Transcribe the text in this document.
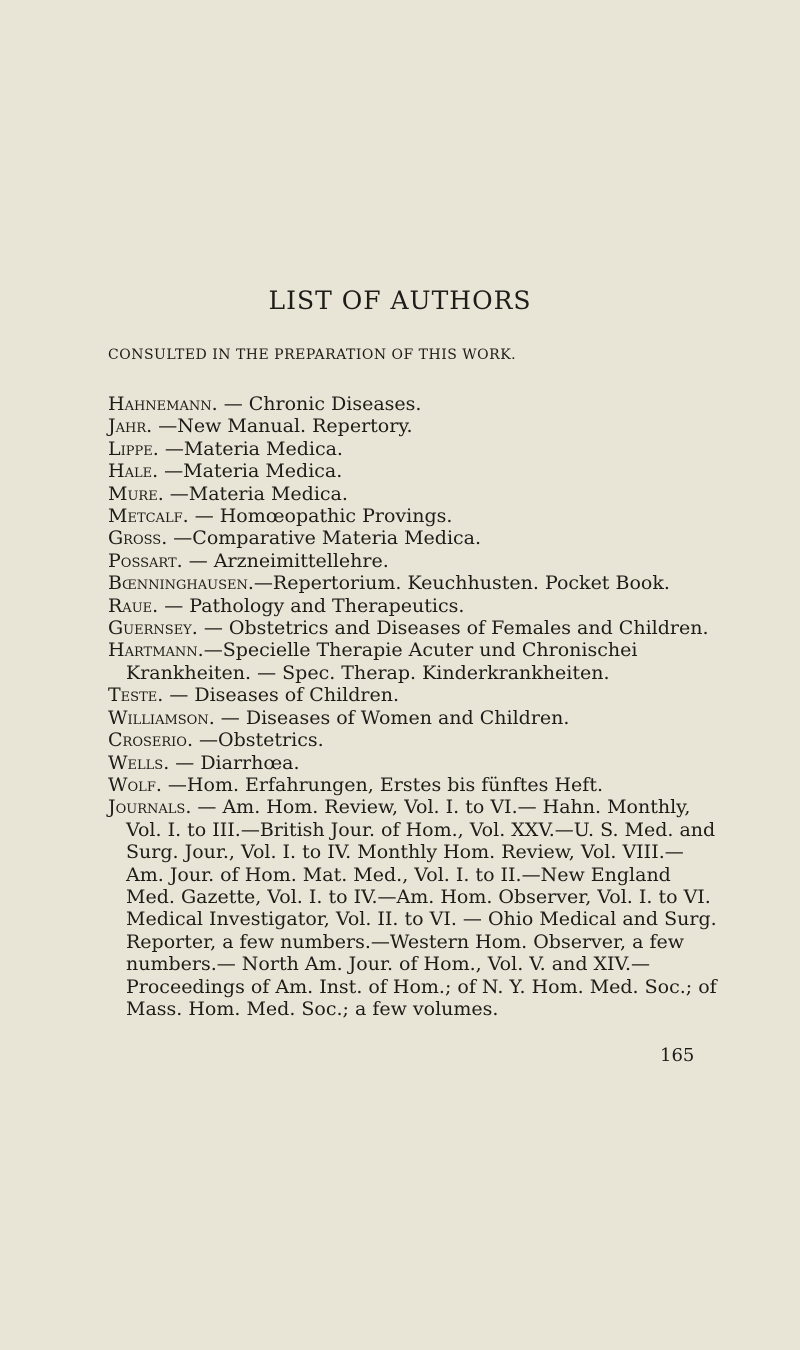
LIST OF AUTHORS
CONSULTED IN THE PREPARATION OF THIS WORK.

Hahnemann. — Chronic Diseases.

Jahr. —New Manual. Repertory.

Lippe. —Materia Medica.

Hale. —Materia Medica.

Mure. —Materia Medica.

Metcalf. — Homœopathic Provings.

Gross. —Comparative Materia Medica.

Possart. — Arzneimittellehre.

Bœnninghausen.—Repertorium. Keuchhusten. Pocket Book.

Raue. — Pathology and Therapeutics.

Guernsey. — Obstetrics and Diseases of Females and Children.

Hartmann.—Specielle Therapie Acuter und Chronischei Krankheiten. — Spec. Therap. Kinderkrankheiten.

Teste. — Diseases of Children.

Williamson. — Diseases of Women and Children.

Croserio. —Obstetrics.

Wells. — Diarrhœa.

Wolf. —Hom. Erfahrungen, Erstes bis fünftes Heft.

Journals. — Am. Hom. Review, Vol. I. to VI.— Hahn. Monthly, Vol. I. to III.—British Jour. of Hom., Vol. XXV.—U. S. Med. and Surg. Jour., Vol. I. to IV. Monthly Hom. Review, Vol. VIII.—Am. Jour. of Hom. Mat. Med., Vol. I. to II.—New England Med. Gazette, Vol. I. to IV.—Am. Hom. Observer, Vol. I. to VI. Medical Investigator, Vol. II. to VI. — Ohio Medical and Surg. Reporter, a few numbers.—Western Hom. Observer, a few numbers.— North Am. Jour. of Hom., Vol. V. and XIV.—Proceedings of Am. Inst. of Hom.; of N. Y. Hom. Med. Soc.; of Mass. Hom. Med. Soc.; a few volumes.

165
